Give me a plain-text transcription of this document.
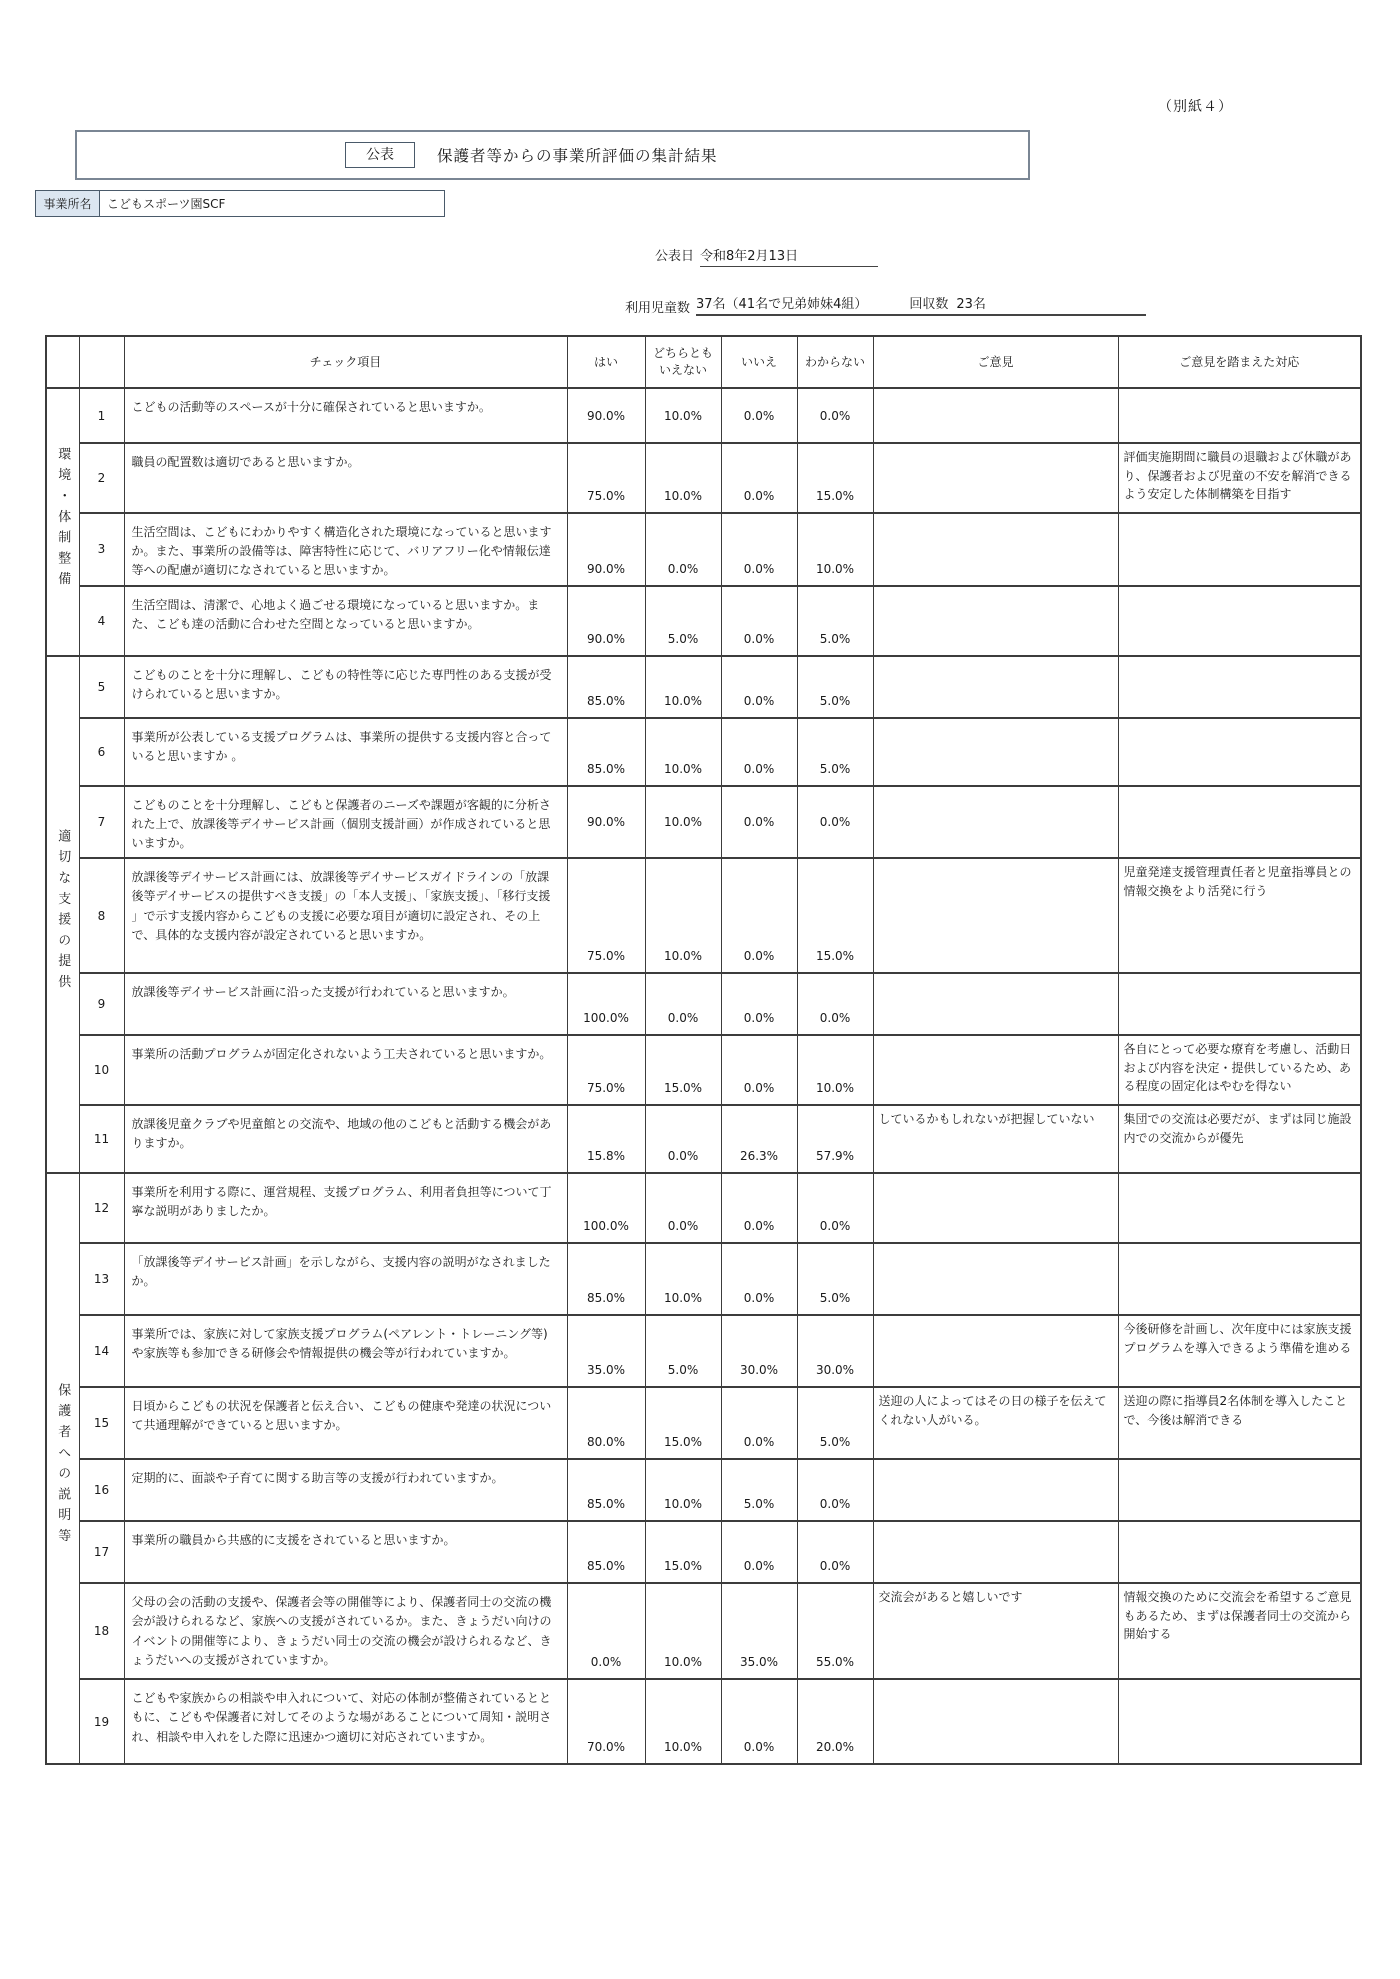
（別紙４）
公表	保護者等からの事業所評価の集計結果
事業所名	こどもスポーツ園SCF
公表日 令和8年2月13日
利用児童数 37名（41名で兄弟姉妹4組）	回収数 23名
		チェック項目	はい	どちらとも いえない	いいえ	わからない	ご意見	ご意見を踏まえた対応
環境・体制整備	1	こどもの活動等のスペースが十分に確保されていると思いますか。	90.0%	10.0%	0.0%	0.0%		
	2	職員の配置数は適切であると思いますか。	75.0%	10.0%	0.0%	15.0%		評価実施期間に職員の退職および休職があり、保護者および児童の不安を解消できるよう安定した体制構築を目指す
	3	生活空間は、こどもにわかりやすく構造化された環境になっていると思いますか。また、事業所の設備等は、障害特性に応じて、バリアフリー化や情報伝達等への配慮が適切になされていると思いますか。	90.0%	0.0%	0.0%	10.0%		
	4	生活空間は、清潔で、心地よく過ごせる環境になっていると思いますか。また、こども達の活動に合わせた空間となっていると思いますか。	90.0%	5.0%	0.0%	5.0%		
適切な支援の提供	5	こどものことを十分に理解し、こどもの特性等に応じた専門性のある支援が受けられていると思いますか。	85.0%	10.0%	0.0%	5.0%		
	6	事業所が公表している支援プログラムは、事業所の提供する支援内容と合っていると思いますか 。	85.0%	10.0%	0.0%	5.0%		
	7	こどものことを十分理解し、こどもと保護者のニーズや課題が客観的に分析された上で、放課後等デイサービス計画（個別支援計画）が作成されていると思いますか。	90.0%	10.0%	0.0%	0.0%		
	8	放課後等デイサービス計画には、放課後等デイサービスガイドラインの「放課後等デイサービスの提供すべき支援」の「本人支援」、「家族支援」、「移行支援 」で示す支援内容からこどもの支援に必要な項目が適切に設定され、その上で、具体的な支援内容が設定されていると思いますか。	75.0%	10.0%	0.0%	15.0%		児童発達支援管理責任者と児童指導員との情報交換をより活発に行う
	9	放課後等デイサービス計画に沿った支援が行われていると思いますか。	100.0%	0.0%	0.0%	0.0%		
	10	事業所の活動プログラムが固定化されないよう工夫されていると思いますか。	75.0%	15.0%	0.0%	10.0%		各自にとって必要な療育を考慮し、活動日および内容を決定・提供しているため、ある程度の固定化はやむを得ない
	11	放課後児童クラブや児童館との交流や、地域の他のこどもと活動する機会がありますか。	15.8%	0.0%	26.3%	57.9%	しているかもしれないが把握していない	集団での交流は必要だが、まずは同じ施設内での交流からが優先
保護者への説明等	12	事業所を利用する際に、運営規程、支援プログラム、利用者負担等について丁寧な説明がありましたか。	100.0%	0.0%	0.0%	0.0%		
	13	「放課後等デイサービス計画」を示しながら、支援内容の説明がなされましたか。	85.0%	10.0%	0.0%	5.0%		
	14	事業所では、家族に対して家族支援プログラム(ペアレント・トレーニング等)や家族等も参加できる研修会や情報提供の機会等が行われていますか。	35.0%	5.0%	30.0%	30.0%		今後研修を計画し、次年度中には家族支援プログラムを導入できるよう準備を進める
	15	日頃からこどもの状況を保護者と伝え合い、こどもの健康や発達の状況について共通理解ができていると思いますか。	80.0%	15.0%	0.0%	5.0%	送迎の人によってはその日の様子を伝えてくれない人がいる。	送迎の際に指導員2名体制を導入したことで、今後は解消できる
	16	定期的に、面談や子育てに関する助言等の支援が行われていますか。	85.0%	10.0%	5.0%	0.0%		
	17	事業所の職員から共感的に支援をされていると思いますか。	85.0%	15.0%	0.0%	0.0%		
	18	父母の会の活動の支援や、保護者会等の開催等により、保護者同士の交流の機会が設けられるなど、家族への支援がされているか。また、きょうだい向けのイベントの開催等により、きょうだい同士の交流の機会が設けられるなど、きょうだいへの支援がされていますか。	0.0%	10.0%	35.0%	55.0%	交流会があると嬉しいです	情報交換のために交流会を希望するご意見もあるため、まずは保護者同士の交流から開始する
	19	こどもや家族からの相談や申入れについて、対応の体制が整備されているとともに、こどもや保護者に対してそのような場があることについて周知・説明され、相談や申入れをした際に迅速かつ適切に対応されていますか。	70.0%	10.0%	0.0%	20.0%		
